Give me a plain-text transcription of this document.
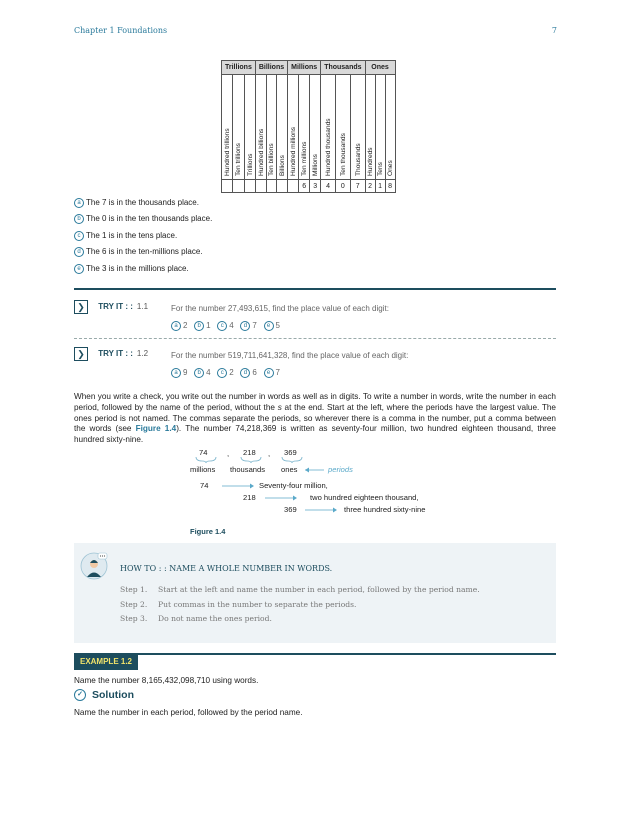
Chapter 1 Foundations	7
Trillions			Billions			Millions			Thousands			Ones		

Hundred trillions	Ten trillions	Trillions	Hundred billions	Ten billions	Billions	Hundred millions	Ten millions	Millions	Hundred thousands	Ten thousands	Thousands	Hundreds	Tens	Ones

							6	3	4	0	7	2	1	8
a The 7 is in the thousands place.
b The 0 is in the ten thousands place.
c The 1 is in the tens place.
d The 6 is in the ten-millions place.
e The 3 is in the millions place.
❯ TRY IT : : 1.1	For the number 27,493,615, find the place value of each digit:
a 2 b 1 c 4 d 7 e 5
❯ TRY IT : : 1.2	For the number 519,711,641,328, find the place value of each digit:
a 9 b 4 c 2 d 6 e 7
When you write a check, you write out the number in words as well as in digits. To write a number in words, write the number in each period, followed by the name of the period, without the s at the end. Start at the left, where the periods have the largest value. The ones period is not named. The commas separate the periods, so wherever there is a comma in the number, put a comma between the words (see Figure 1.4). The number 74,218,369 is written as seventy-four million, two hundred eighteen thousand, three hundred sixty-nine.
74	, 218 , 369
millions thousands ones	periods
74	Seventy-four million,
218	two hundred eighteen thousand,
369	three hundred sixty-nine
Figure 1.4
HOW TO : : NAME A WHOLE NUMBER IN WORDS.
Step 1. Start at the left and name the number in each period, followed by the period name.
Step 2. Put commas in the number to separate the periods.
Step 3. Do not name the ones period.
EXAMPLE 1.2
Name the number 8,165,432,098,710 using words.
✓ Solution
Name the number in each period, followed by the period name.
